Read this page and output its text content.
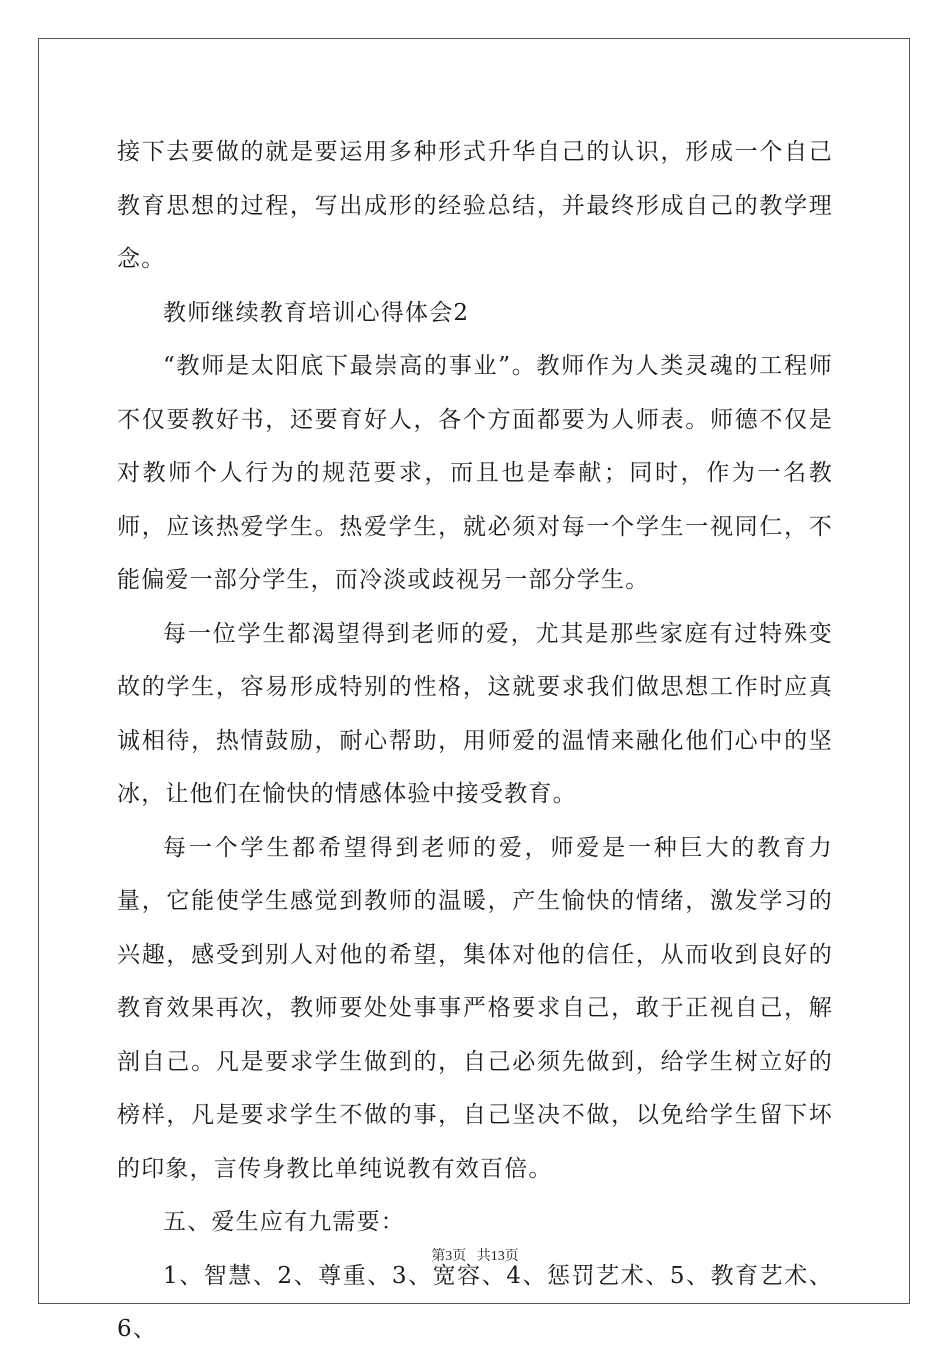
接下去要做的就是要运用多种形式升华自己的认识，形成一个自己教育思想的过程，写出成形的经验总结，并最终形成自己的教学理念。

教师继续教育培训心得体会2

“教师是太阳底下最崇高的事业”。教师作为人类灵魂的工程师不仅要教好书，还要育好人，各个方面都要为人师表。师德不仅是对教师个人行为的规范要求，而且也是奉献；同时，作为一名教师，应该热爱学生。热爱学生，就必须对每一个学生一视同仁，不能偏爱一部分学生，而冷淡或歧视另一部分学生。

每一位学生都渴望得到老师的爱，尤其是那些家庭有过特殊变故的学生，容易形成特别的性格，这就要求我们做思想工作时应真诚相待，热情鼓励，耐心帮助，用师爱的温情来融化他们心中的坚冰，让他们在愉快的情感体验中接受教育。

每一个学生都希望得到老师的爱，师爱是一种巨大的教育力量，它能使学生感觉到教师的温暖，产生愉快的情绪，激发学习的兴趣，感受到别人对他的希望，集体对他的信任，从而收到良好的教育效果再次，教师要处处事事严格要求自己，敢于正视自己，解剖自己。凡是要求学生做到的，自己必须先做到，给学生树立好的榜样，凡是要求学生不做的事，自己坚决不做，以免给学生留下坏的印象，言传身教比单纯说教有效百倍。

五、爱生应有九需要：

1、智慧、2、尊重、3、宽容、4、惩罚艺术、5、教育艺术、6、

第3页 共13页
